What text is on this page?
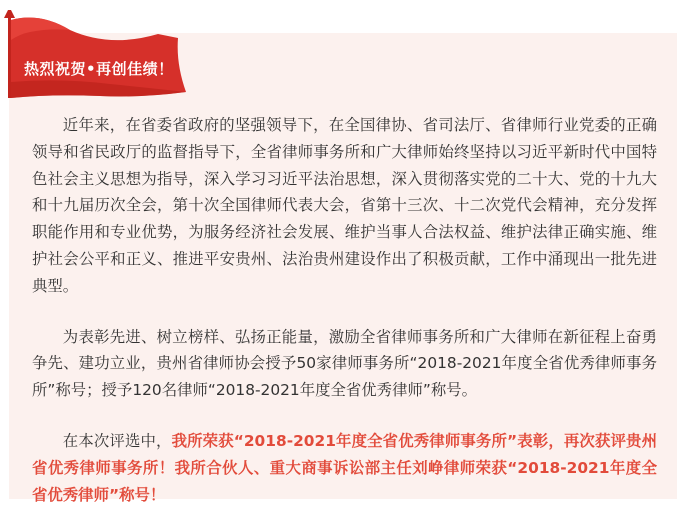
热烈祝贺•再创佳绩！

近年来，在省委省政府的坚强领导下，在全国律协、省司法厅、省律师行业党委的正确领导和省民政厅的监督指导下，全省律师事务所和广大律师始终坚持以习近平新时代中国特色社会主义思想为指导，深入学习习近平法治思想，深入贯彻落实党的二十大、党的十九大和十九届历次全会，第十次全国律师代表大会，省第十三次、十二次党代会精神，充分发挥职能作用和专业优势，为服务经济社会发展、维护当事人合法权益、维护法律正确实施、维护社会公平和正义、推进平安贵州、法治贵州建设作出了积极贡献，工作中涌现出一批先进典型。

为表彰先进、树立榜样、弘扬正能量，激励全省律师事务所和广大律师在新征程上奋勇争先、建功立业，贵州省律师协会授予50家律师事务所“2018-2021年度全省优秀律师事务所”称号；授予120名律师“2018-2021年度全省优秀律师”称号。

在本次评选中，我所荣获“2018-2021年度全省优秀律师事务所”表彰，再次获评贵州省优秀律师事务所！我所合伙人、重大商事诉讼部主任刘峥律师荣获“2018-2021年度全省优秀律师”称号！
